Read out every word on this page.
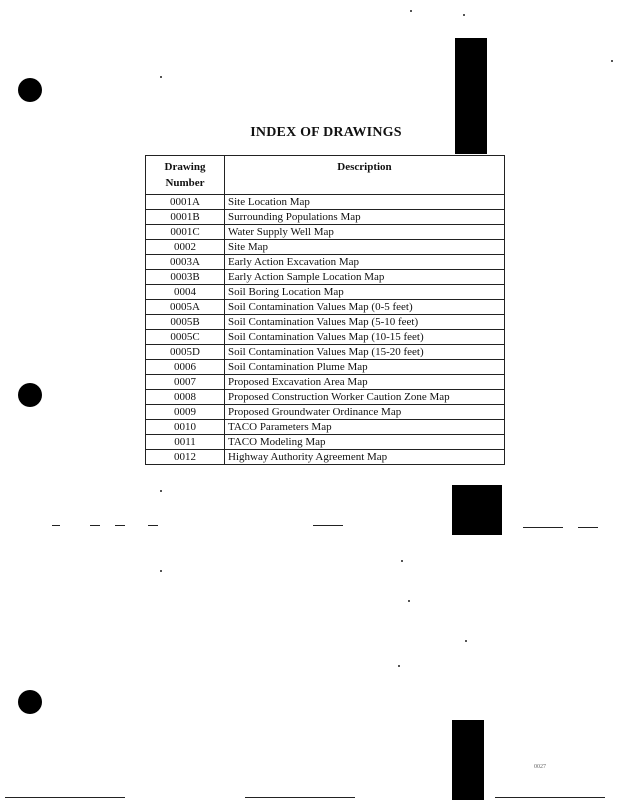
INDEX OF DRAWINGS
Drawing
Number	Description
0001A	Site Location Map
0001B	Surrounding Populations Map
0001C	Water Supply Well Map
0002	Site Map
0003A	Early Action Excavation Map
0003B	Early Action Sample Location Map
0004	Soil Boring Location Map
0005A	Soil Contamination Values Map (0-5 feet)
0005B	Soil Contamination Values Map (5-10 feet)
0005C	Soil Contamination Values Map (10-15 feet)
0005D	Soil Contamination Values Map (15-20 feet)
0006	Soil Contamination Plume Map
0007	Proposed Excavation Area Map
0008	Proposed Construction Worker Caution Zone Map
0009	Proposed Groundwater Ordinance Map
0010	TACO Parameters Map
0011	TACO Modeling Map
0012	Highway Authority Agreement Map
0027
